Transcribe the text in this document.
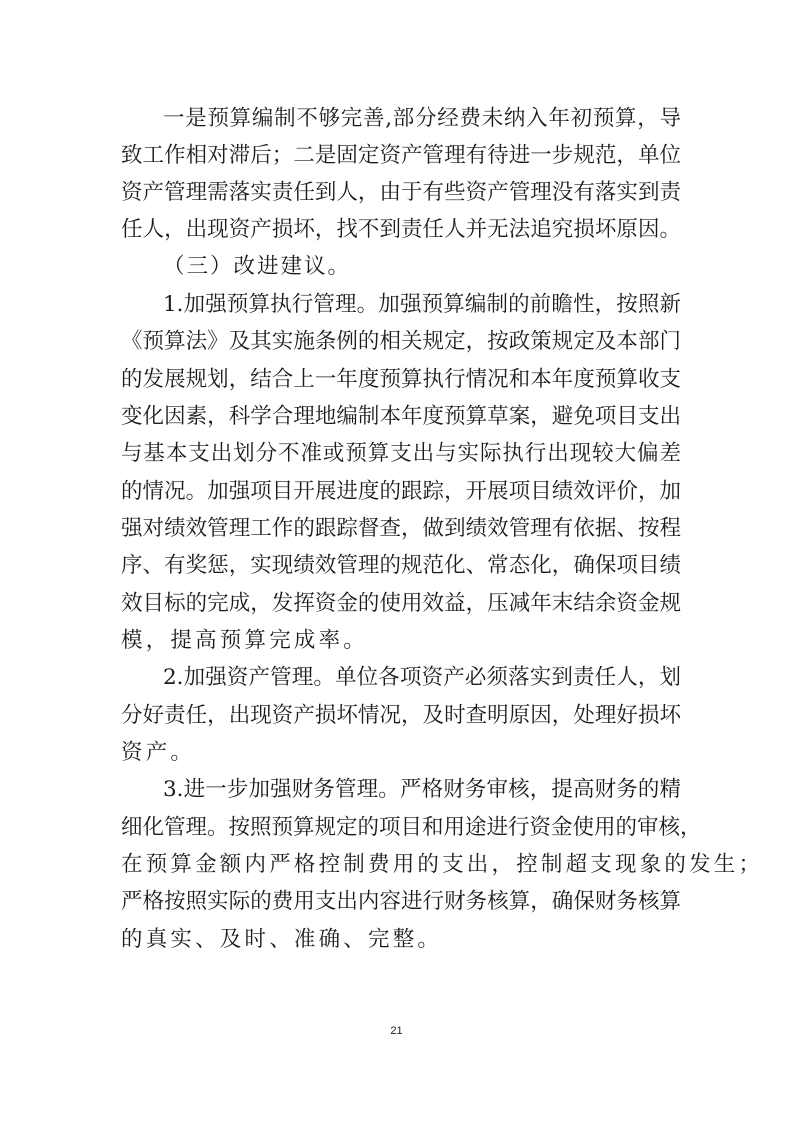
一是预算编制不够完善,部分经费未纳入年初预算，导
致工作相对滞后；二是固定资产管理有待进一步规范，单位
资产管理需落实责任到人，由于有些资产管理没有落实到责
任人，出现资产损坏，找不到责任人并无法追究损坏原因。
（三）改进建议。
1.加强预算执行管理。加强预算编制的前瞻性，按照新
《预算法》及其实施条例的相关规定，按政策规定及本部门
的发展规划，结合上一年度预算执行情况和本年度预算收支
变化因素，科学合理地编制本年度预算草案，避免项目支出
与基本支出划分不准或预算支出与实际执行出现较大偏差
的情况。加强项目开展进度的跟踪，开展项目绩效评价，加
强对绩效管理工作的跟踪督查，做到绩效管理有依据、按程
序、有奖惩，实现绩效管理的规范化、常态化，确保项目绩
效目标的完成，发挥资金的使用效益，压减年末结余资金规
模，提高预算完成率。
2.加强资产管理。单位各项资产必须落实到责任人，划
分好责任，出现资产损坏情况，及时查明原因，处理好损坏
资产。
3.进一步加强财务管理。严格财务审核，提高财务的精
细化管理。按照预算规定的项目和用途进行资金使用的审核，
在预算金额内严格控制费用的支出，控制超支现象的发生；
严格按照实际的费用支出内容进行财务核算，确保财务核算
的真实、及时、准确、完整。
21
